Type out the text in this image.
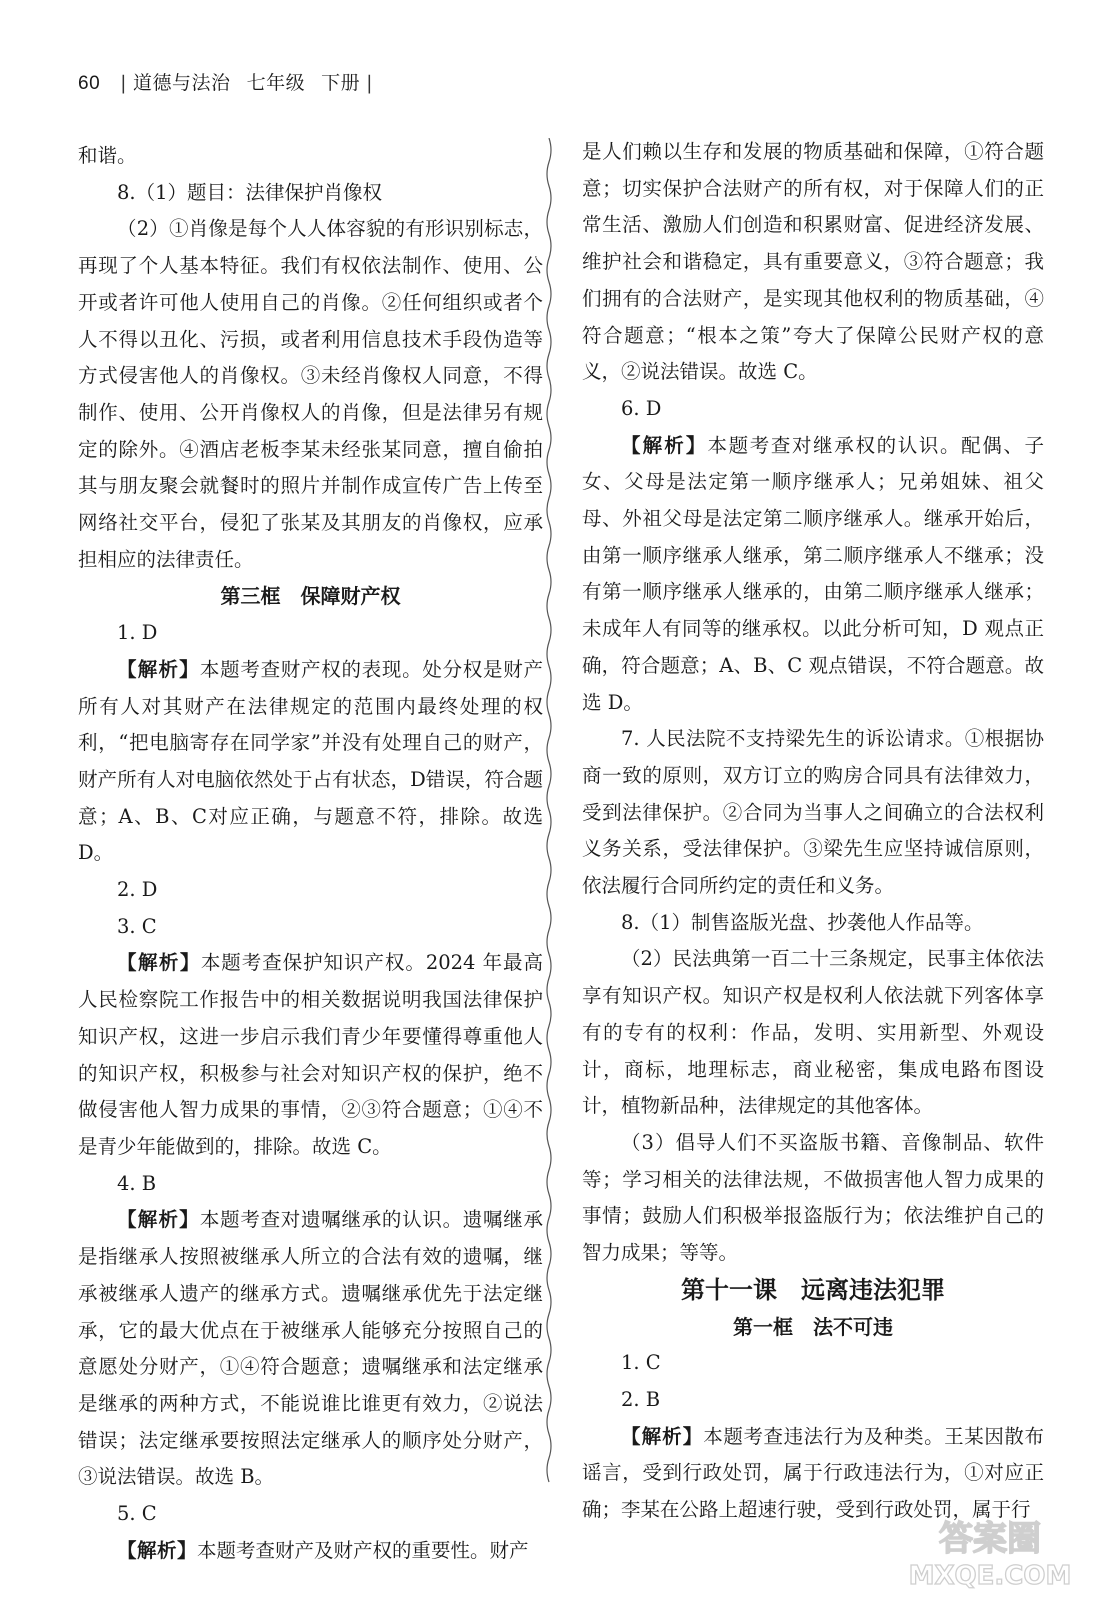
60 | 道德与法治 七年级 下册 |

和谐。

8.（1）题目：法律保护肖像权

（2）①肖像是每个人人体容貌的有形识别标志，再现了个人基本特征。我们有权依法制作、使用、公开或者许可他人使用自己的肖像。②任何组织或者个人不得以丑化、污损，或者利用信息技术手段伪造等方式侵害他人的肖像权。③未经肖像权人同意，不得制作、使用、公开肖像权人的肖像，但是法律另有规定的除外。④酒店老板李某未经张某同意，擅自偷拍其与朋友聚会就餐时的照片并制作成宣传广告上传至网络社交平台，侵犯了张某及其朋友的肖像权，应承担相应的法律责任。

第三框　保障财产权

1. D

【解析】本题考查财产权的表现。处分权是财产所有人对其财产在法律规定的范围内最终处理的权利，“把电脑寄存在同学家”并没有处理自己的财产，财产所有人对电脑依然处于占有状态，D错误，符合题意；A、B、C对应正确，与题意不符，排除。故选 D。

2. D

3. C

【解析】本题考查保护知识产权。2024 年最高人民检察院工作报告中的相关数据说明我国法律保护知识产权，这进一步启示我们青少年要懂得尊重他人的知识产权，积极参与社会对知识产权的保护，绝不做侵害他人智力成果的事情，②③符合题意；①④不是青少年能做到的，排除。故选 C。

4. B

【解析】本题考查对遗嘱继承的认识。遗嘱继承是指继承人按照被继承人所立的合法有效的遗嘱，继承被继承人遗产的继承方式。遗嘱继承优先于法定继承，它的最大优点在于被继承人能够充分按照自己的意愿处分财产，①④符合题意；遗嘱继承和法定继承是继承的两种方式，不能说谁比谁更有效力，②说法错误；法定继承要按照法定继承人的顺序处分财产，③说法错误。故选 B。

5. C

【解析】本题考查财产及财产权的重要性。财产

是人们赖以生存和发展的物质基础和保障，①符合题意；切实保护合法财产的所有权，对于保障人们的正常生活、激励人们创造和积累财富、促进经济发展、维护社会和谐稳定，具有重要意义，③符合题意；我们拥有的合法财产，是实现其他权利的物质基础，④符合题意；“根本之策”夸大了保障公民财产权的意义，②说法错误。故选 C。

6. D

【解析】本题考查对继承权的认识。配偶、子女、父母是法定第一顺序继承人；兄弟姐妹、祖父母、外祖父母是法定第二顺序继承人。继承开始后，由第一顺序继承人继承，第二顺序继承人不继承；没有第一顺序继承人继承的，由第二顺序继承人继承；未成年人有同等的继承权。以此分析可知，D 观点正确，符合题意；A、B、C 观点错误，不符合题意。故选 D。

7. 人民法院不支持梁先生的诉讼请求。①根据协商一致的原则，双方订立的购房合同具有法律效力，受到法律保护。②合同为当事人之间确立的合法权利义务关系，受法律保护。③梁先生应坚持诚信原则，依法履行合同所约定的责任和义务。

8.（1）制售盗版光盘、抄袭他人作品等。

（2）民法典第一百二十三条规定，民事主体依法享有知识产权。知识产权是权利人依法就下列客体享有的专有的权利：作品，发明、实用新型、外观设计，商标，地理标志，商业秘密，集成电路布图设计，植物新品种，法律规定的其他客体。

（3）倡导人们不买盗版书籍、音像制品、软件等；学习相关的法律法规，不做损害他人智力成果的事情；鼓励人们积极举报盗版行为；依法维护自己的智力成果；等等。

第十一课　远离违法犯罪

第一框　法不可违

1. C

2. B

【解析】本题考查违法行为及种类。王某因散布谣言，受到行政处罚，属于行政违法行为，①对应正确；李某在公路上超速行驶，受到行政处罚，属于行

答案圈
MXQE.COM
